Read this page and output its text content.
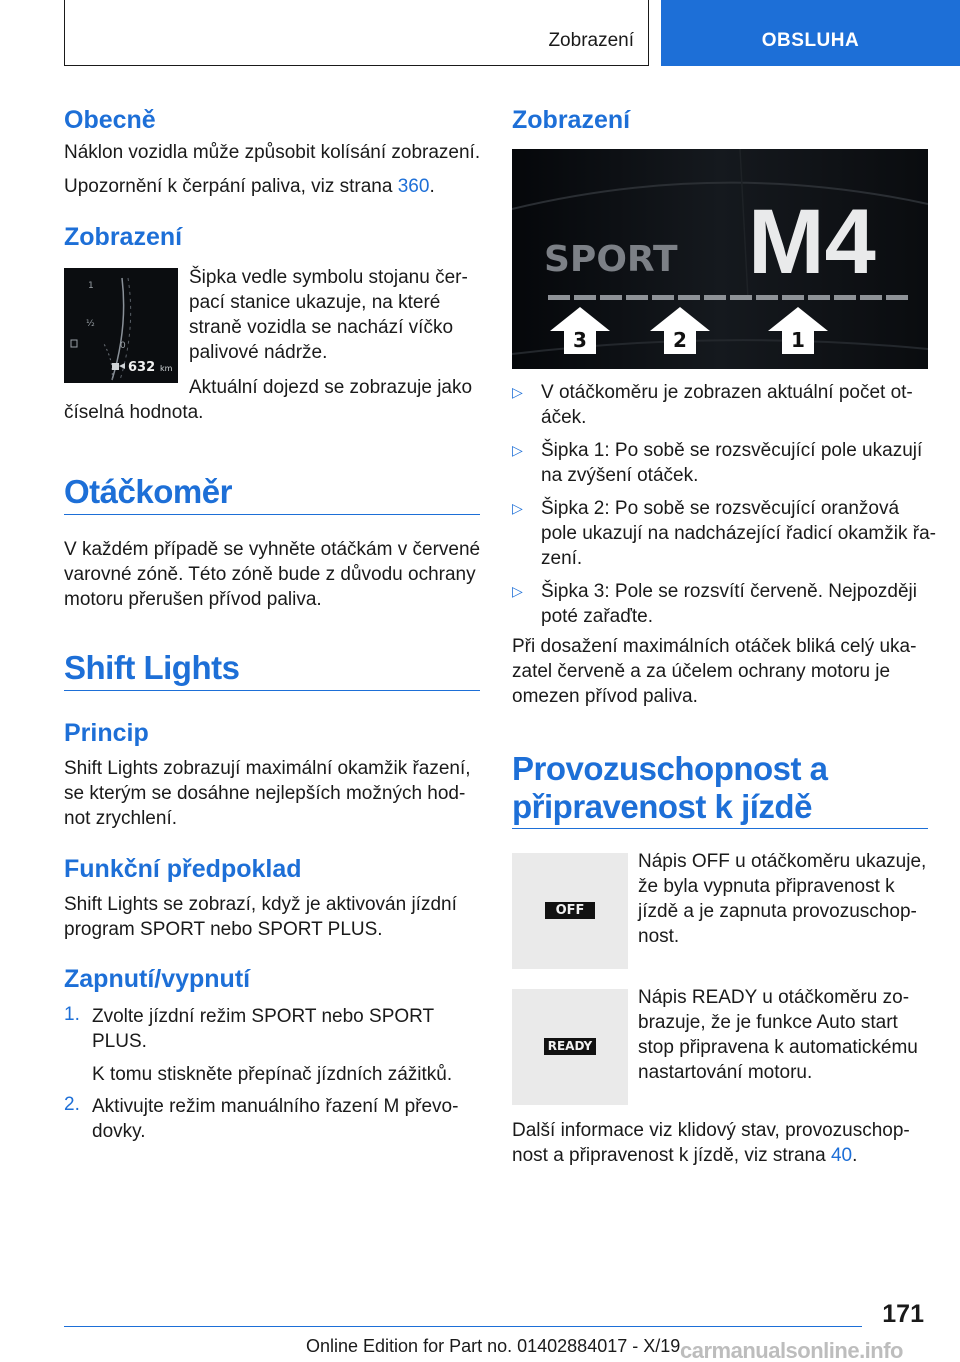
Zobrazení	OBSLUHA
Obecně

Náklon vozidla může způsobit kolísání zobrazení.

Upozornění k čerpání paliva, viz strana 360.

Zobrazení
1
½
0
632 km
Šipka vedle symbolu stojanu čer-
pací stanice ukazuje, na které
straně vozidla se nachází víčko
palivové nádrže.
Aktuální dojezd se zobrazuje jako
číselná hodnota.
Otáčkoměr
V každém případě se vyhněte otáčkám v červené
varovné zóně. Této zóně bude z důvodu ochrany
motoru přerušen přívod paliva.
Shift Lights
Princip
Shift Lights zobrazují maximální okamžik řazení,
se kterým se dosáhne nejlepších možných hod-
not zrychlení.
Funkční předpoklad
Shift Lights se zobrazí, když je aktivován jízdní
program SPORT nebo SPORT PLUS.
Zapnutí/vypnutí
1. Zvolte jízdní režim SPORT nebo SPORT
PLUS.
K tomu stiskněte přepínač jízdních zážitků.
2. Aktivujte režim manuálního řazení M převo-
dovky.
Zobrazení
SPORT M4
3	2	1
▷ V otáčkoměru je zobrazen aktuální počet ot-
áček.
▷ Šipka 1: Po sobě se rozsvěcující pole ukazují
na zvýšení otáček.
▷ Šipka 2: Po sobě se rozsvěcující oranžová
pole ukazují na nadcházející řadicí okamžik řa-
zení.
▷ Šipka 3: Pole se rozsvítí červeně. Nejpozději
poté zařaďte.
Při dosažení maximálních otáček bliká celý uka-
zatel červeně a za účelem ochrany motoru je
omezen přívod paliva.
Provozuschopnost a
připravenost k jízdě
OFF
Nápis OFF u otáčkoměru ukazuje,
že byla vypnuta připravenost k
jízdě a je zapnuta provozuschop-
nost.
READY
Nápis READY u otáčkoměru zo-
brazuje, že je funkce Auto start
stop připravena k automatickému
nastartování motoru.
Další informace viz klidový stav, provozuschop-
nost a připravenost k jízdě, viz strana 40.
171
Online Edition for Part no. 01402884017 - X/19 carmanualsonline.info
